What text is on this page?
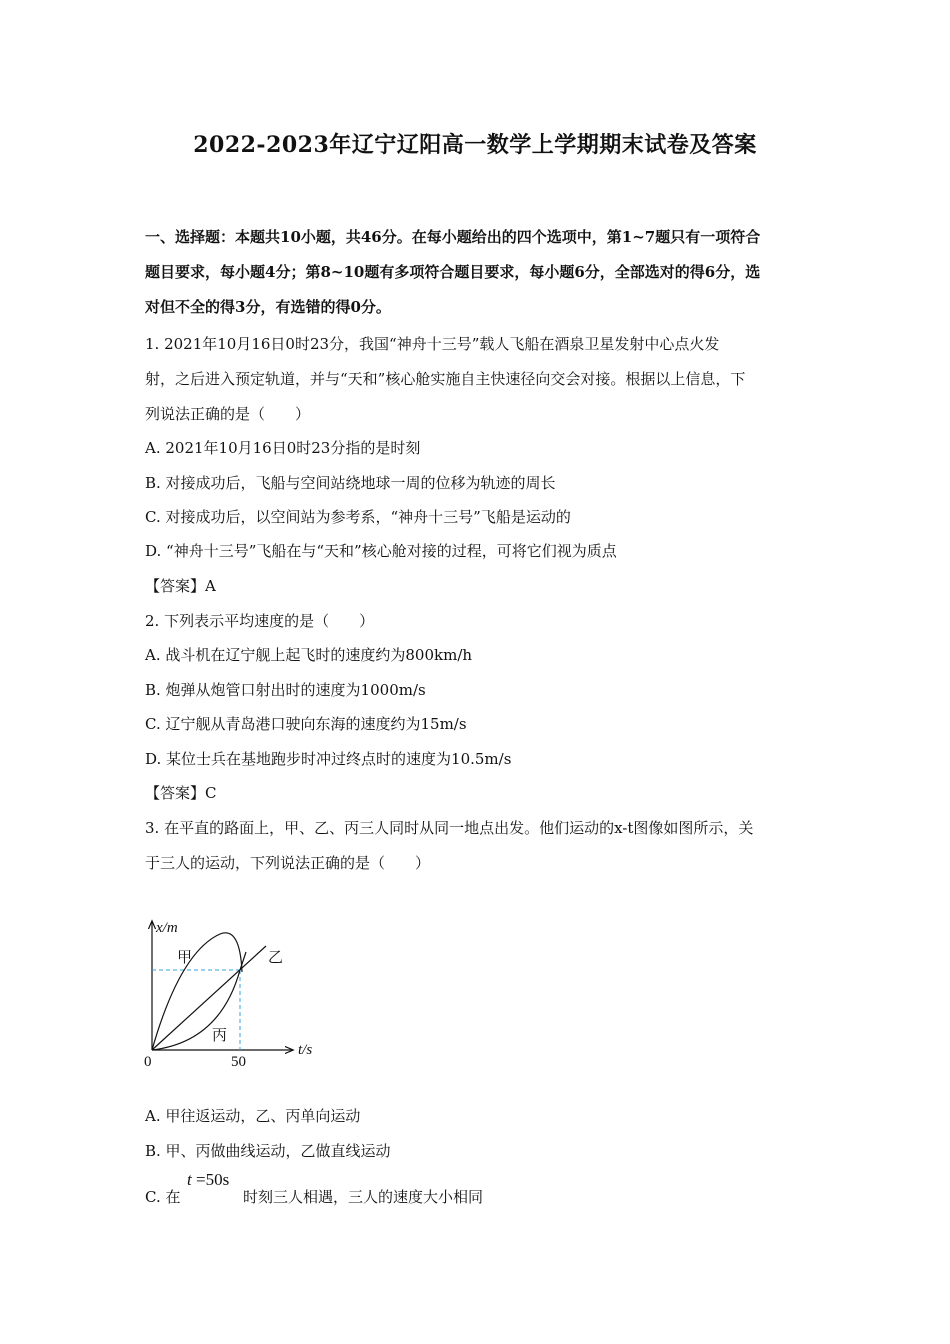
2022-2023年辽宁辽阳高一数学上学期期末试卷及答案
一、选择题：本题共10小题，共46分。在每小题给出的四个选项中，第1~7题只有一项符合
题目要求，每小题4分；第8~10题有多项符合题目要求，每小题6分，全部选对的得6分，选
对但不全的得3分，有选错的得0分。
1. 2021年10月16日0时23分，我国“神舟十三号”载人飞船在酒泉卫星发射中心点火发
射，之后进入预定轨道，并与“天和”核心舱实施自主快速径向交会对接。根据以上信息，下
列说法正确的是（　　）
A. 2021年10月16日0时23分指的是时刻
B. 对接成功后，飞船与空间站绕地球一周的位移为轨迹的周长
C. 对接成功后，以空间站为参考系，“神舟十三号”飞船是运动的
D. “神舟十三号”飞船在与“天和”核心舱对接的过程，可将它们视为质点
【答案】A
2. 下列表示平均速度的是（　　）
A. 战斗机在辽宁舰上起飞时的速度约为800km/h
B. 炮弹从炮管口射出时的速度为1000m/s
C. 辽宁舰从青岛港口驶向东海的速度约为15m/s
D. 某位士兵在基地跑步时冲过终点时的速度为10.5m/s
【答案】C
3. 在平直的路面上，甲、乙、丙三人同时从同一地点出发。他们运动的x-t图像如图所示，关
于三人的运动，下列说法正确的是（　　）
x/m
t/s
0	50
甲	乙
丙
A. 甲往返运动，乙、丙单向运动
B. 甲、丙做曲线运动，乙做直线运动
C. 在
t =50s
时刻三人相遇，三人的速度大小相同
